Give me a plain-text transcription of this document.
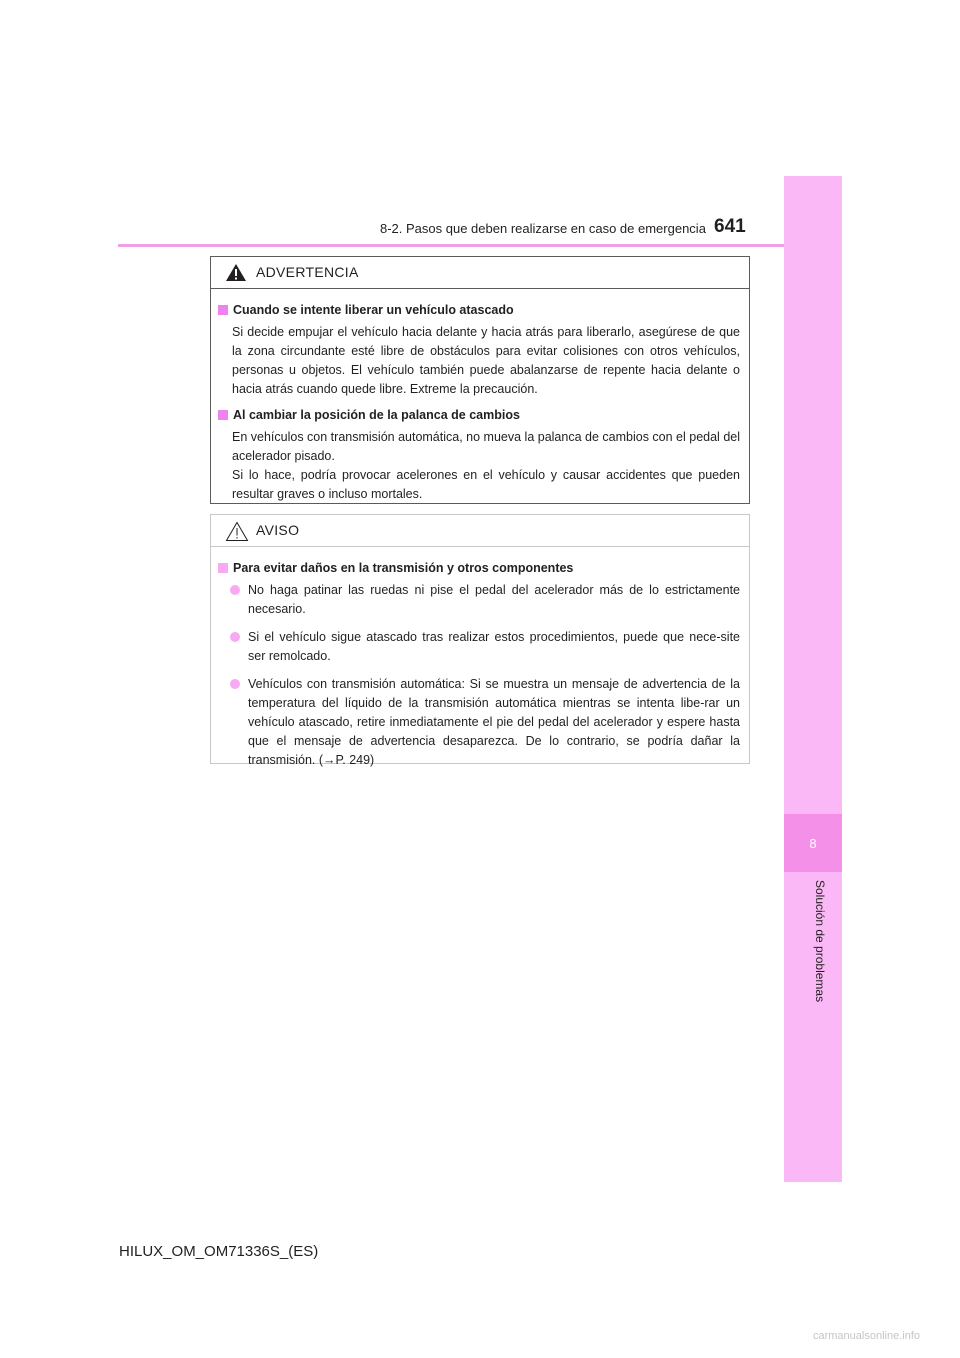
8-2. Pasos que deben realizarse en caso de emergencia 641
8
Solución de problemas
ADVERTENCIA
Cuando se intente liberar un vehículo atascado
Si decide empujar el vehículo hacia delante y hacia atrás para liberarlo, asegúrese de que la zona circundante esté libre de obstáculos para evitar colisiones con otros vehículos, personas u objetos. El vehículo también puede abalanzarse de repente hacia delante o hacia atrás cuando quede libre. Extreme la precaución.
Al cambiar la posición de la palanca de cambios
En vehículos con transmisión automática, no mueva la palanca de cambios con el pedal del acelerador pisado.
Si lo hace, podría provocar acelerones en el vehículo y causar accidentes que pueden resultar graves o incluso mortales.
AVISO
Para evitar daños en la transmisión y otros componentes
No haga patinar las ruedas ni pise el pedal del acelerador más de lo estrictamente necesario.
Si el vehículo sigue atascado tras realizar estos procedimientos, puede que nece-site ser remolcado.
Vehículos con transmisión automática: Si se muestra un mensaje de advertencia de la temperatura del líquido de la transmisión automática mientras se intenta libe-rar un vehículo atascado, retire inmediatamente el pie del pedal del acelerador y espere hasta que el mensaje de advertencia desaparezca. De lo contrario, se podría dañar la transmisión. (→P. 249)
HILUX_OM_OM71336S_(ES)
carmanualsonline.info
